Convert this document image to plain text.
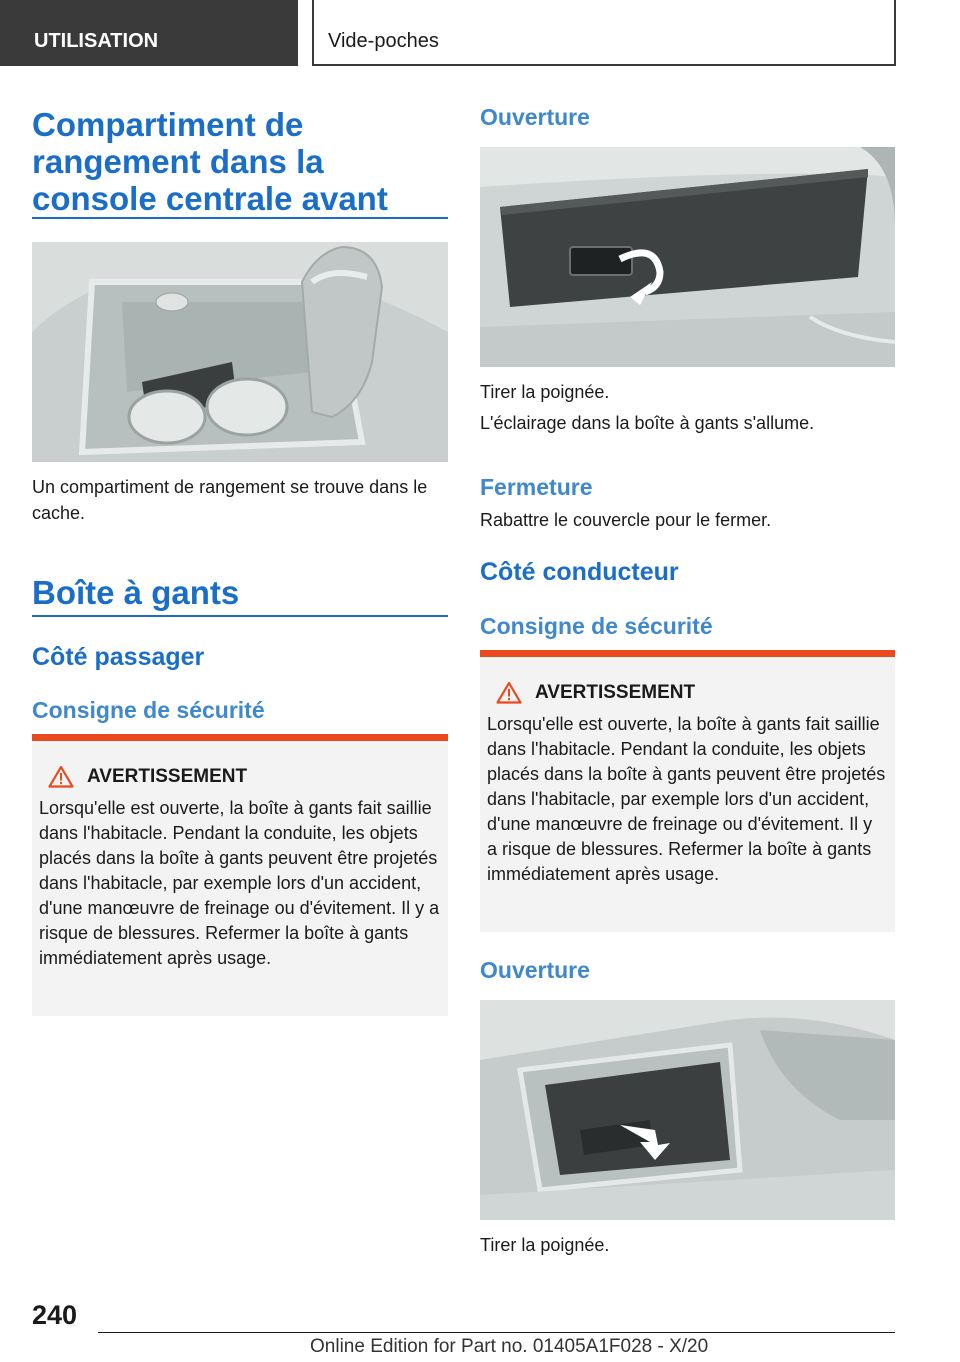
UTILISATION	Vide-poches
Compartiment de rangement dans la console centrale avant

Un compartiment de rangement se trouve dans le cache.

Boîte à gants
Côté passager
Consigne de sécurité
AVERTISSEMENT
Lorsqu'elle est ouverte, la boîte à gants fait saillie dans l'habitacle. Pendant la conduite, les objets placés dans la boîte à gants peuvent être projetés dans l'habitacle, par exemple lors d'un accident, d'une manœuvre de freinage ou d'évitement. Il y a risque de blessures. Refermer la boîte à gants immédiatement après usage.
Ouverture

Tirer la poignée.

L'éclairage dans la boîte à gants s'allume.

Fermeture

Rabattre le couvercle pour le fermer.

Côté conducteur
Consigne de sécurité
AVERTISSEMENT
Lorsqu'elle est ouverte, la boîte à gants fait saillie dans l'habitacle. Pendant la conduite, les objets placés dans la boîte à gants peuvent être projetés dans l'habitacle, par exemple lors d'un accident, d'une manœuvre de freinage ou d'évitement. Il y a risque de blessures. Refermer la boîte à gants immédiatement après usage.
Ouverture

Tirer la poignée.

240
Online Edition for Part no. 01405A1F028 - X/20
